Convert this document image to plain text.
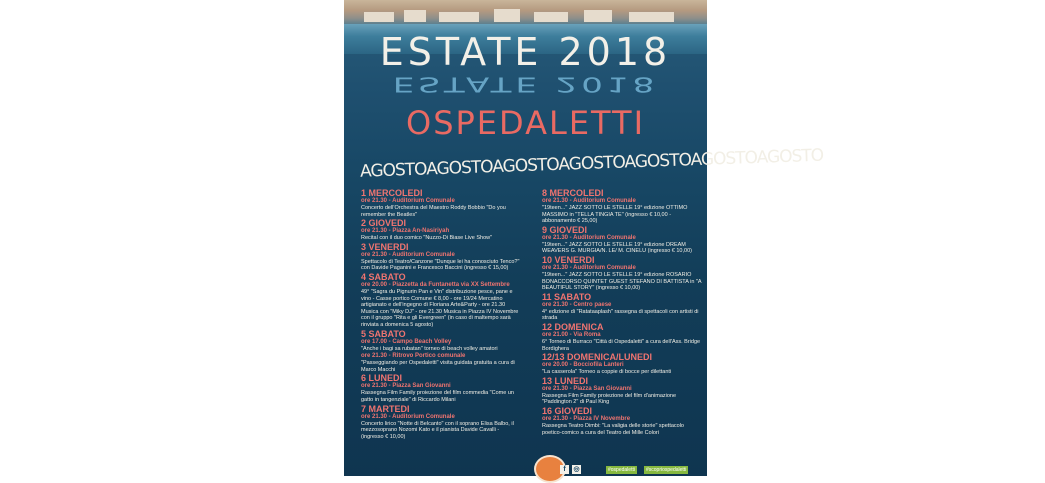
ESTATE 2018
ESTATE 2018
OSPEDALETTI
AGOSTOAGOSTOAGOSTOAGOSTOAGOSTOAGOSTOAGOSTO
1 MERCOLEDI
ore 21.30 - Auditorium Comunale
Concerto dell'Orchestra del Maestro Roddy Bobbio "Do you remember the Beatles"
2 GIOVEDI
ore 21.30 - Piazza An-Nasiriyah
Recital con il duo comico "Nuzzo-Di Biase Live Show"
3 VENERDI
ore 21.30 - Auditorium Comunale
Spettacolo di Teatro/Canzone "Dunque lei ha conosciuto Tenco?" con Davide Paganini e Francesco Baccini (ingresso € 15,00)
4 SABATO
ore 20.00 - Piazzetta da Funtanetta via XX Settembre
49° "Sagra du Pignurin Pan e Vin" distribuzione pesce, pane e vino - Casse portico Comune € 8,00 - ore 19/24 Mercatino artigianato e dell'ingegno di Floriana Arte&Party - ore 21.30 Musica con "Miky DJ" - ore 21.30 Musica in Piazza IV Novembre con il gruppo "Rita e gli Evergreen" (in caso di maltempo sarà rinviata a domenica 5 agosto)
5 SABATO
ore 17.00 - Campo Beach Volley
"Anche i bagi sa rubatan" torneo di beach volley amatori
ore 21.30 - Ritrovo Portico comunale
"Passeggiando per Ospedaletti" visita guidata gratuita a cura di Marco Macchi
6 LUNEDI
ore 21.30 - Piazza San Giovanni
Rassegna Film Family proiezione del film commedia "Come un gatto in tangenziale" di Riccardo Milani
7 MARTEDI
ore 21.30 - Auditorium Comunale
Concerto lirico "Notte di Belcanto" con il soprano Elisa Balbo, il mezzosoprano Nozomi Kato e il pianista Davide Cavalli - (ingresso € 10,00)
8 MERCOLEDI
ore 21.30 - Auditorium Comunale
"19teen..." JAZZ SOTTO LE STELLE 19° edizione OTTIMO MASSIMO in "TELLA TINGIA TE" (ingresso € 10,00 - abbonamento € 25,00)
9 GIOVEDI
ore 21.30 - Auditorium Comunale
"19teen..." JAZZ SOTTO LE STELLE 19° edizione DREAM WEAVERS G. MURGIA/N. LE/ M. CINELU (ingresso € 10,00)
10 VENERDI
ore 21.30 - Auditorium Comunale
"19teen..." JAZZ SOTTO LE STELLE 19° edizione ROSARIO BONACCORSO QUINTET GUEST STEFANO DI BATTISTA in "A BEAUTIFUL STORY" (ingresso € 10,00)
11 SABATO
ore 21.30 - Centro paese
4° edizione di "Ratataaplash" rassegna di spettacoli con artisti di strada
12 DOMENICA
ore 21.00 - Via Roma
6° Torneo di Burraco "Città di Ospedaletti" a cura dell'Ass. Bridge Bordighera
12/13 DOMENICA/LUNEDI
ore 20.00 - Bocciofila Lanteri
"La casserola" Torneo a coppie di bocce per dilettanti
13 LUNEDI
ore 21.30 - Piazza San Giovanni
Rassegna Film Family proiezione del film d'animazione "Paddington 2" di Paul King
16 GIOVEDI
ore 21.30 - Piazza IV Novembre
Rassegna Teatro Dimbi: "La valigia delle storie" spettacolo poetico-comico a cura del Teatro dei Mille Colori
f	◎	#ospedaletti	#scopriospedaletti
